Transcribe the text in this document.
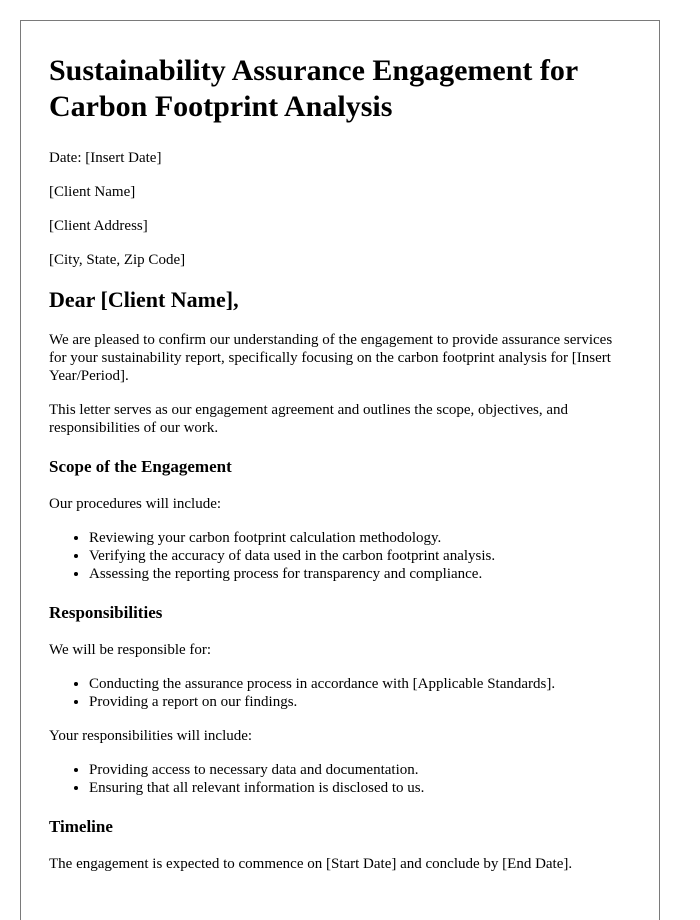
Sustainability Assurance Engagement for Carbon Footprint Analysis

Date: [Insert Date]

[Client Name]

[Client Address]

[City, State, Zip Code]

Dear [Client Name],

We are pleased to confirm our understanding of the engagement to provide assurance services for your sustainability report, specifically focusing on the carbon footprint analysis for [Insert Year/Period].

This letter serves as our engagement agreement and outlines the scope, objectives, and responsibilities of our work.

Scope of the Engagement

Our procedures will include:

• Reviewing your carbon footprint calculation methodology.
• Verifying the accuracy of data used in the carbon footprint analysis.
• Assessing the reporting process for transparency and compliance.
Responsibilities

We will be responsible for:

• Conducting the assurance process in accordance with [Applicable Standards].
• Providing a report on our findings.

Your responsibilities will include:

• Providing access to necessary data and documentation.
• Ensuring that all relevant information is disclosed to us.
Timeline

The engagement is expected to commence on [Start Date] and conclude by [End Date].
